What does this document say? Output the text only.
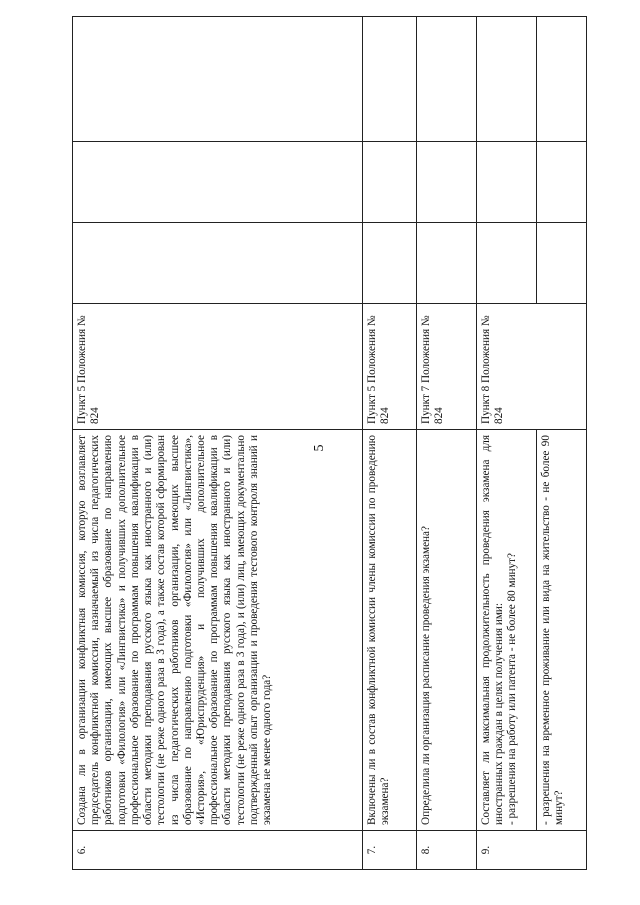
5
6.	Создана ли в организации конфликтная комиссия, которую возглавляет председатель конфликтной комиссии, назначаемый из числа педагогических работников организации, имеющих высшее образование по направлению подготовки «Филология» или «Лингвистика» и получивших дополнительное профессиональное образование по программам повышения квалификации в области методики преподавания русского языка как иностранного и (или) тестологии (не реже одного раза в 3 года), а также состав которой сформирован из числа педагогических работников организации, имеющих высшее образование по направлению подготовки «Филология» или «Лингвистика», «История», «Юриспруденция» и получивших дополнительное профессиональное образование по программам повышения квалификации в области методики преподавания русского языка как иностранного и (или) тестологии (не реже одного раза в 3 года), и (или) лиц, имеющих документально подтвержденный опыт организации и проведения тестового контроля знаний и экзамена не менее одного года?	Пункт 5 Положения № 824			
7.	Включены ли в состав конфликтной комиссии члены комиссии по проведению экзамена?	Пункт 5 Положения № 824			
8.	Определила ли организация расписание проведения экзамена?	Пункт 7 Положения № 824			
9.	Составляет ли максимальная продолжительность проведения экзамена для иностранных граждан в целях получения ими: - разрешения на работу или патента - не более 80 минут?	Пункт 8 Положения № 824			
	- разрешения на временное проживание или вида на жительство - не более 90 минут?				
